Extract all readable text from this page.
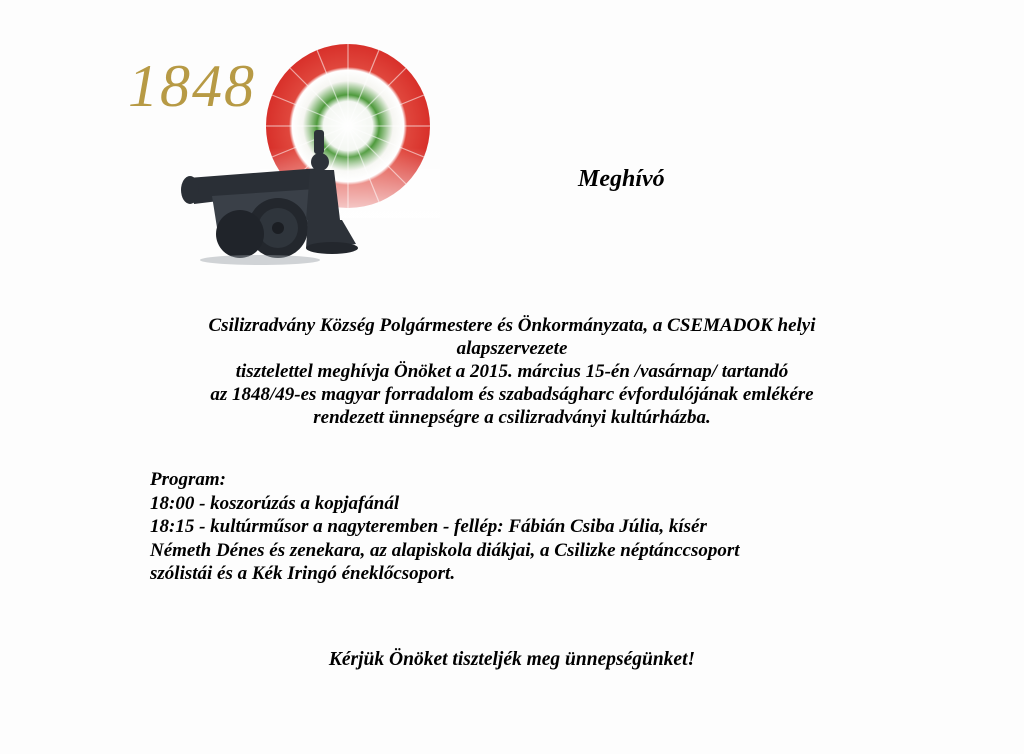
1848
Meghívó
Csilizradvány Község Polgármestere és Önkormányzata, a CSEMADOK helyi
alapszervezete
tisztelettel meghívja Önöket a 2015. március 15-én /vasárnap/ tartandó
az 1848/49-es magyar forradalom és szabadságharc évfordulójának emlékére
rendezett ünnepségre a csilizradványi kultúrházba.
Program:
18:00 - koszorúzás a kopjafánál
18:15 - kultúrműsor a nagyteremben - fellép: Fábián Csiba Júlia, kísér
Németh Dénes és zenekara, az alapiskola diákjai, a Csilizke néptánccsoport
szólistái és a Kék Iringó éneklőcsoport.
Kérjük Önöket tiszteljék meg ünnepségünket!
